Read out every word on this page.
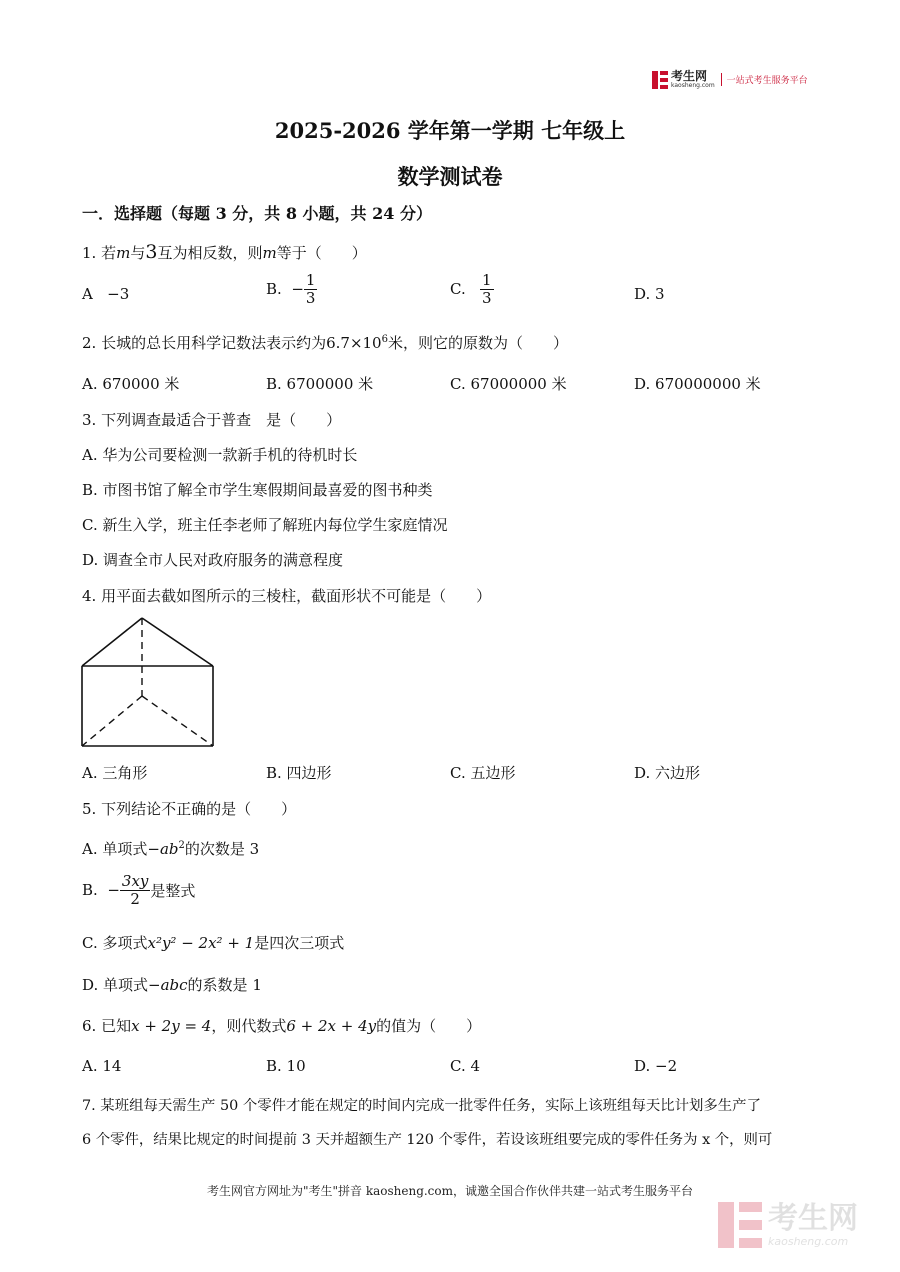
考生网
kaosheng.com	一站式考生服务平台
2025-2026 学年第一学期 七年级上
数学测试卷
一．选择题（每题 3 分，共 8 小题，共 24 分）
1. 若m与3互为相反数，则m等于（　　）
A −3	B.
− $\frac{1}{3}$	C.
$\frac{1}{3}$	D. 3
2. 长城的总长用科学记数法表示约为$6.7\times 10^6$米，则它的原数为（　　）
A. 670000 米	B. 6700000 米	C. 67000000 米	D. 670000000 米
3. 下列调查最适合于普查　是（　　）
A. 华为公司要检测一款新手机的待机时长
B. 市图书馆了解全市学生寒假期间最喜爱的图书种类
C. 新生入学，班主任李老师了解班内每位学生家庭情况
D. 调查全市人民对政府服务的满意程度
4. 用平面去截如图所示的三棱柱，截面形状不可能是（　　）
A. 三角形	B. 四边形	C. 五边形	D. 六边形
5. 下列结论不正确的是（　　）
A. 单项式$-ab^2$的次数是 3
B.
− $\frac{3xy}{2}$ 是整式
C. 多项式x²y² − 2x² + 1是四次三项式
D. 单项式−abc的系数是 1
6. 已知x + 2y = 4，则代数式6 + 2x + 4y的值为（　　）
A. 14	B. 10	C. 4	D. −2
7. 某班组每天需生产 50 个零件才能在规定的时间内完成一批零件任务，实际上该班组每天比计划多生产了
6 个零件，结果比规定的时间提前 3 天并超额生产 120 个零件，若设该班组要完成的零件任务为 x 个，则可
考生网官方网址为"考生"拼音 kaosheng.com，诚邀全国合作伙伴共建一站式考生服务平台
考生网
kaosheng.com
